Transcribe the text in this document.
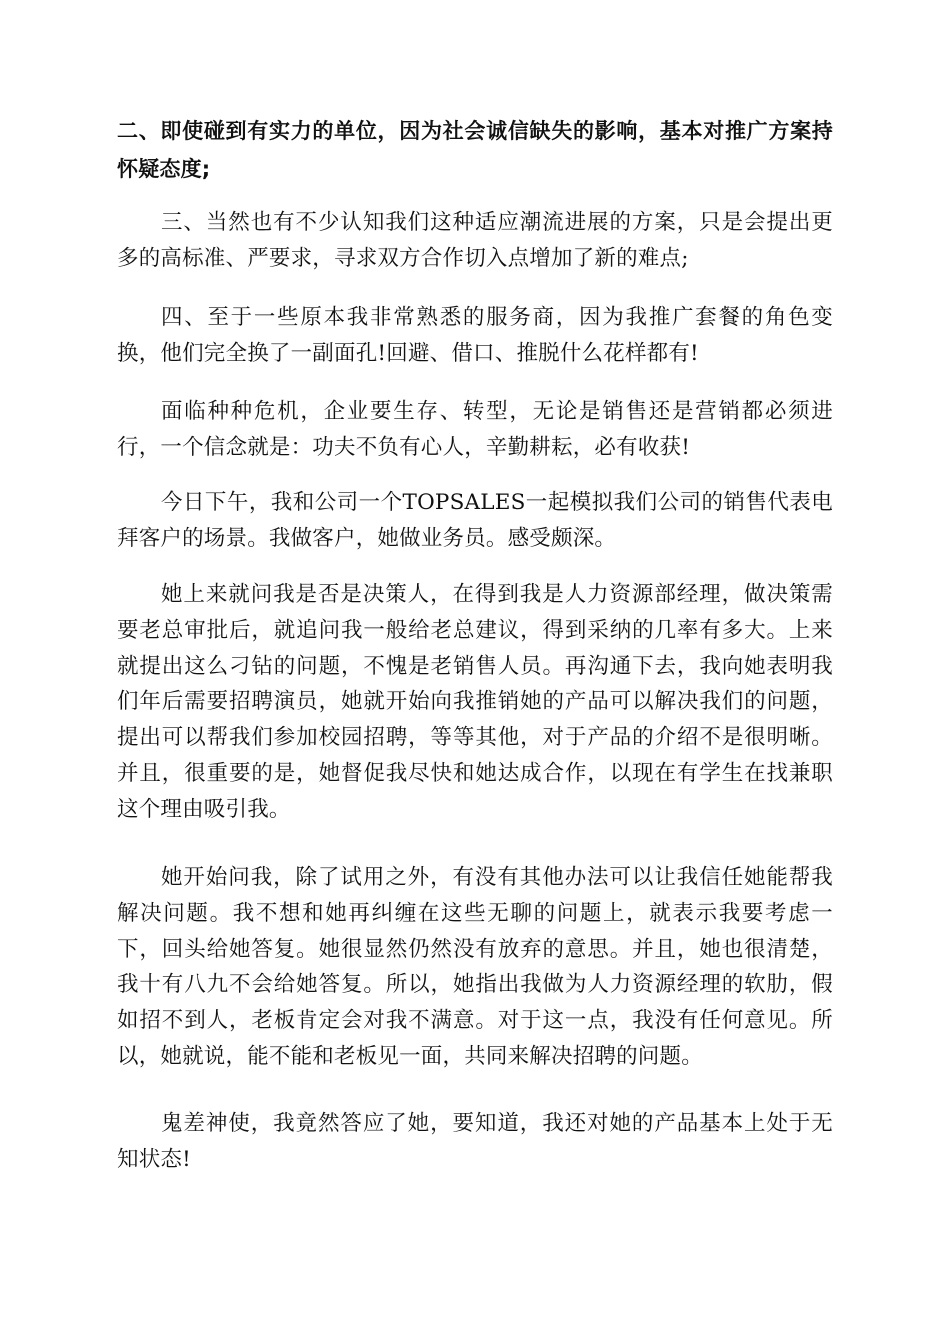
二、即使碰到有实力的单位，因为社会诚信缺失的影响，基本对推广方案持怀疑态度;

三、当然也有不少认知我们这种适应潮流进展的方案，只是会提出更多的高标准、严要求，寻求双方合作切入点增加了新的难点;

四、至于一些原本我非常熟悉的服务商，因为我推广套餐的角色变换，他们完全换了一副面孔!回避、借口、推脱什么花样都有!

面临种种危机，企业要生存、转型，无论是销售还是营销都必须进行，一个信念就是：功夫不负有心人，辛勤耕耘，必有收获!

今日下午，我和公司一个TOPSALES一起模拟我们公司的销售代表电拜客户的场景。我做客户，她做业务员。感受颇深。

她上来就问我是否是决策人，在得到我是人力资源部经理，做决策需要老总审批后，就追问我一般给老总建议，得到采纳的几率有多大。上来就提出这么刁钻的问题，不愧是老销售人员。再沟通下去，我向她表明我们年后需要招聘演员，她就开始向我推销她的产品可以解决我们的问题，提出可以帮我们参加校园招聘，等等其他，对于产品的介绍不是很明晰。并且，很重要的是，她督促我尽快和她达成合作，以现在有学生在找兼职这个理由吸引我。

她开始问我，除了试用之外，有没有其他办法可以让我信任她能帮我解决问题。我不想和她再纠缠在这些无聊的问题上，就表示我要考虑一下，回头给她答复。她很显然仍然没有放弃的意思。并且，她也很清楚，我十有八九不会给她答复。所以，她指出我做为人力资源经理的软肋，假如招不到人，老板肯定会对我不满意。对于这一点，我没有任何意见。所以，她就说，能不能和老板见一面，共同来解决招聘的问题。

鬼差神使，我竟然答应了她，要知道，我还对她的产品基本上处于无知状态!
